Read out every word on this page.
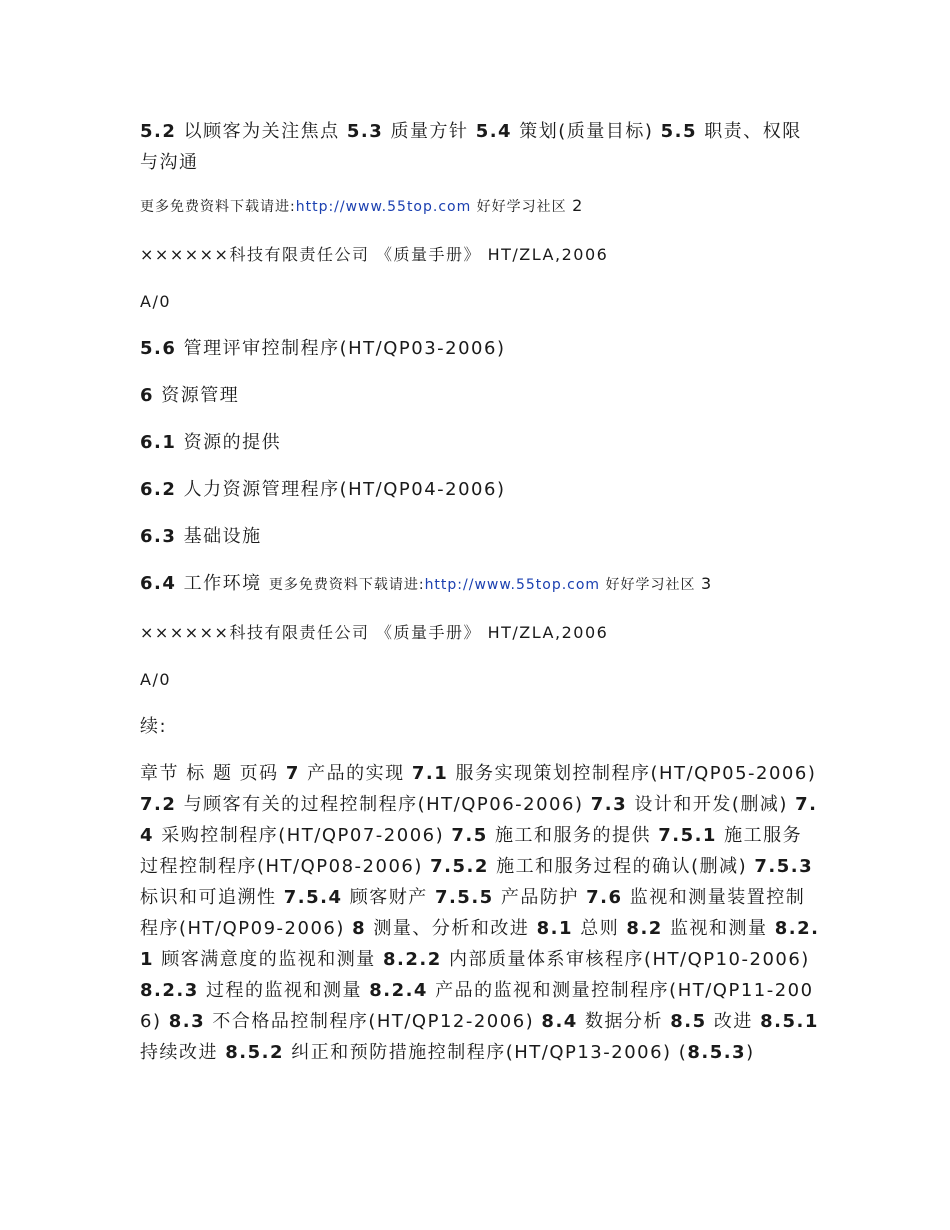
5.2 以顾客为关注焦点 5.3 质量方针 5.4 策划(质量目标) 5.5 职责、权限与沟通

更多免费资料下载请进:http://www.55top.com 好好学习社区 2

××××××科技有限责任公司 《质量手册》 HT/ZLA,2006

A/0

5.6 管理评审控制程序(HT/QP03-2006)

6 资源管理

6.1 资源的提供

6.2 人力资源管理程序(HT/QP04-2006)

6.3 基础设施

6.4 工作环境 更多免费资料下载请进:http://www.55top.com 好好学习社区 3

××××××科技有限责任公司 《质量手册》 HT/ZLA,2006

A/0

续:

章节 标 题 页码 7 产品的实现 7.1 服务实现策划控制程序(HT/QP05-2006) 7.2 与顾客有关的过程控制程序(HT/QP06-2006) 7.3 设计和开发(删减) 7.4 采购控制程序(HT/QP07-2006) 7.5 施工和服务的提供 7.5.1 施工服务过程控制程序(HT/QP08-2006) 7.5.2 施工和服务过程的确认(删减) 7.5.3 标识和可追溯性 7.5.4 顾客财产 7.5.5 产品防护 7.6 监视和测量装置控制程序(HT/QP09-2006) 8 测量、分析和改进 8.1 总则 8.2 监视和测量 8.2.1 顾客满意度的监视和测量 8.2.2 内部质量体系审核程序(HT/QP10-2006) 8.2.3 过程的监视和测量 8.2.4 产品的监视和测量控制程序(HT/QP11-2006) 8.3 不合格品控制程序(HT/QP12-2006) 8.4 数据分析 8.5 改进 8.5.1 持续改进 8.5.2 纠正和预防措施控制程序(HT/QP13-2006) (8.5.3)
